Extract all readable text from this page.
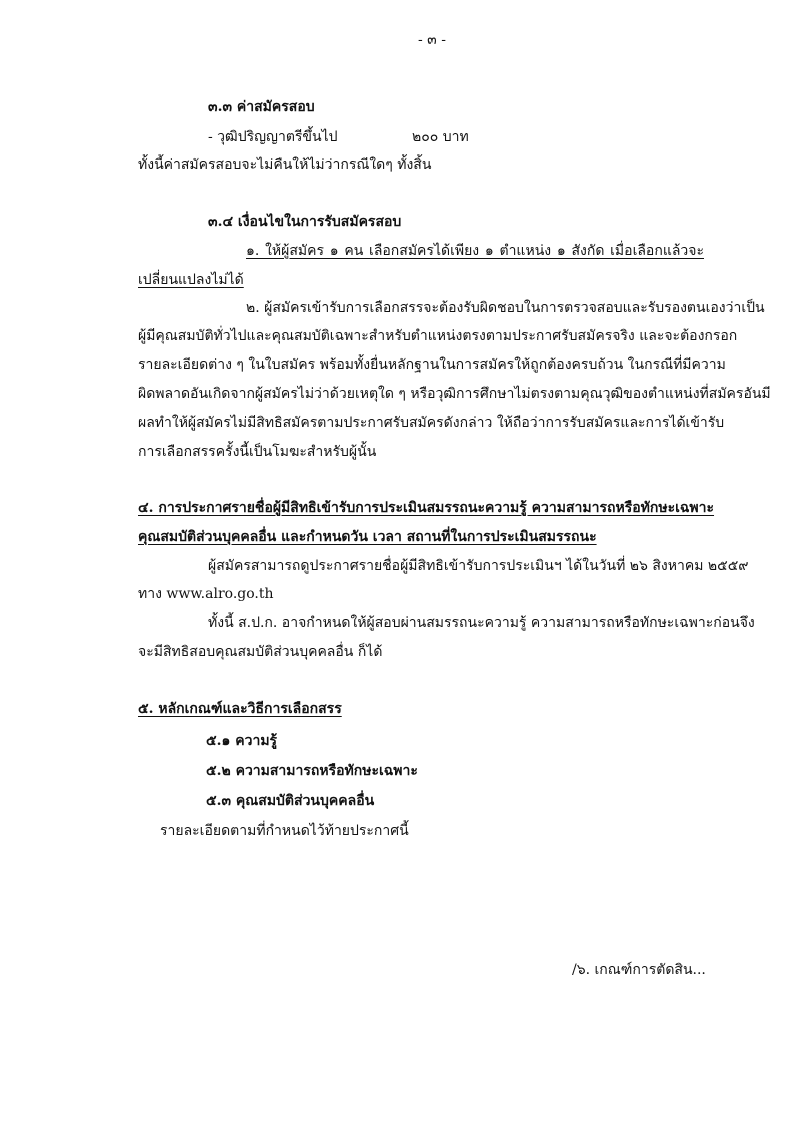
- ๓ -
๓.๓ ค่าสมัครสอบ
- วุฒิปริญญาตรีขึ้นไป	๒๐๐ บาท
ทั้งนี้ค่าสมัครสอบจะไม่คืนให้ไม่ว่ากรณีใดๆ ทั้งสิ้น
๓.๔ เงื่อนไขในการรับสมัครสอบ
๑. ให้ผู้สมัคร ๑ คน เลือกสมัครได้เพียง ๑ ตำแหน่ง ๑ สังกัด เมื่อเลือกแล้วจะ
เปลี่ยนแปลงไม่ได้
๒. ผู้สมัครเข้ารับการเลือกสรรจะต้องรับผิดชอบในการตรวจสอบและรับรองตนเองว่าเป็น
ผู้มีคุณสมบัติทั่วไปและคุณสมบัติเฉพาะสำหรับตำแหน่งตรงตามประกาศรับสมัครจริง และจะต้องกรอก
รายละเอียดต่าง ๆ ในใบสมัคร พร้อมทั้งยื่นหลักฐานในการสมัครให้ถูกต้องครบถ้วน ในกรณีที่มีความ
ผิดพลาดอันเกิดจากผู้สมัครไม่ว่าด้วยเหตุใด ๆ หรือวุฒิการศึกษาไม่ตรงตามคุณวุฒิของตำแหน่งที่สมัครอันมี
ผลทำให้ผู้สมัครไม่มีสิทธิสมัครตามประกาศรับสมัครดังกล่าว ให้ถือว่าการรับสมัครและการได้เข้ารับ
การเลือกสรรครั้งนี้เป็นโมฆะสำหรับผู้นั้น
๔. การประกาศรายชื่อผู้มีสิทธิเข้ารับการประเมินสมรรถนะความรู้ ความสามารถหรือทักษะเฉพาะ
คุณสมบัติส่วนบุคคลอื่น และกำหนดวัน เวลา สถานที่ในการประเมินสมรรถนะ
ผู้สมัครสามารถดูประกาศรายชื่อผู้มีสิทธิเข้ารับการประเมินฯ ได้ในวันที่ ๒๖ สิงหาคม ๒๕๕๙
ทาง www.alro.go.th
ทั้งนี้ ส.ป.ก. อาจกำหนดให้ผู้สอบผ่านสมรรถนะความรู้ ความสามารถหรือทักษะเฉพาะก่อนจึง
จะมีสิทธิสอบคุณสมบัติส่วนบุคคลอื่น ก็ได้
๕. หลักเกณฑ์และวิธีการเลือกสรร
๕.๑ ความรู้
๕.๒ ความสามารถหรือทักษะเฉพาะ
๕.๓ คุณสมบัติส่วนบุคคลอื่น
รายละเอียดตามที่กำหนดไว้ท้ายประกาศนี้
/๖. เกณฑ์การตัดสิน...
